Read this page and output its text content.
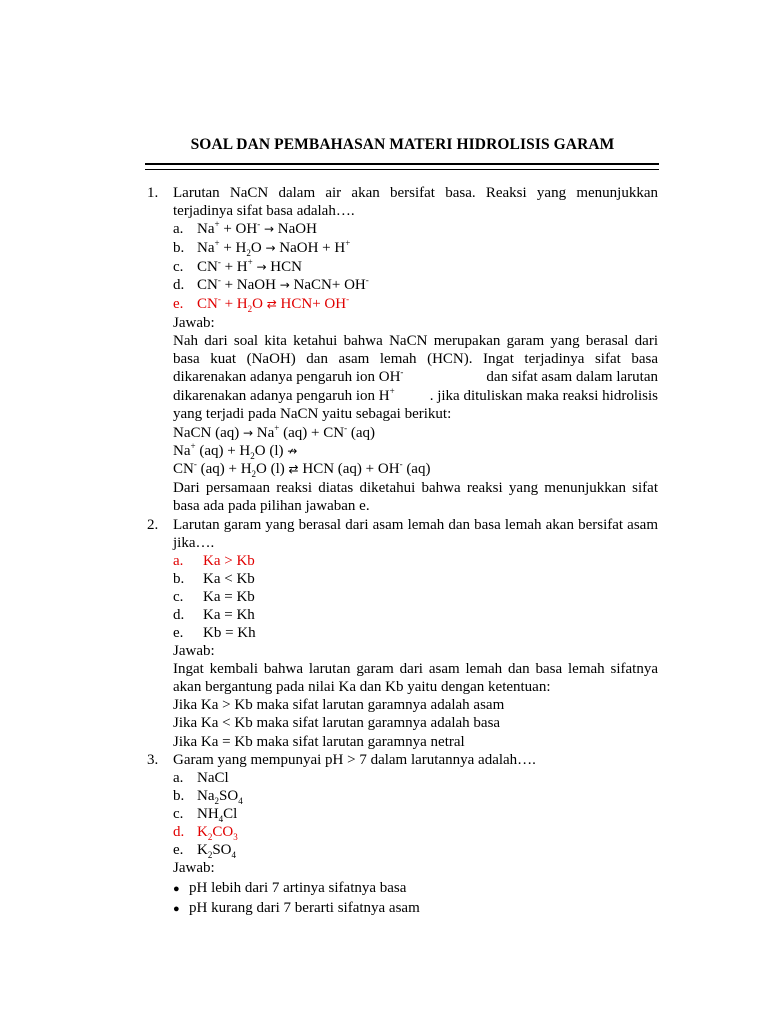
SOAL DAN PEMBAHASAN MATERI HIDROLISIS GARAM
1. Larutan NaCN dalam air akan bersifat basa. Reaksi yang menunjukkan
terjadinya sifat basa adalah….
a. Na+ + OH- → NaOH
b. $Na^+ + H_2O$ → NaOH + H+
c. CN- + H+ → HCN
d. CN- + NaOH → NaCN+ OH-
e. $CN^- + H_2O$ ⇄ HCN+ OH-
Jawab:
Nah dari soal kita ketahui bahwa NaCN merupakan garam yang berasal dari
basa kuat (NaOH) dan asam lemah (HCN). Ingat terjadinya sifat basa
dikarenakan adanya pengaruh ion OH-	dan sifat asam dalam larutan
dikarenakan adanya pengaruh ion H+ . jika dituliskan maka reaksi hidrolisis
yang terjadi pada NaCN yaitu sebagai berikut:
NaCN (aq) → Na+ (aq) + CN- (aq)
Na+ $(aq) + H_2O$ (l) ↛
CN- $(aq) + H_2O$ (l) ⇄ HCN (aq) + OH- (aq)
Dari persamaan reaksi diatas diketahui bahwa reaksi yang menunjukkan sifat
basa ada pada pilihan jawaban e.
2. Larutan garam yang berasal dari asam lemah dan basa lemah akan bersifat asam
jika….
a. Ka > Kb
b. Ka < Kb
c. Ka = Kb
d. Ka = Kh
e. Kb = Kh
Jawab:
Ingat kembali bahwa larutan garam dari asam lemah dan basa lemah sifatnya
akan bergantung pada nilai Ka dan Kb yaitu dengan ketentuan:
Jika Ka > Kb maka sifat larutan garamnya adalah asam
Jika Ka < Kb maka sifat larutan garamnya adalah basa
Jika Ka = Kb maka sifat larutan garamnya netral
3. Garam yang mempunyai pH > 7 dalam larutannya adalah….
a. NaCl
b. $Na_2SO_4$
c. $NH_4Cl$
d. $K_2CO_3$
e. $K_2SO_4$
Jawab:
● pH lebih dari 7 artinya sifatnya basa
● pH kurang dari 7 berarti sifatnya asam
